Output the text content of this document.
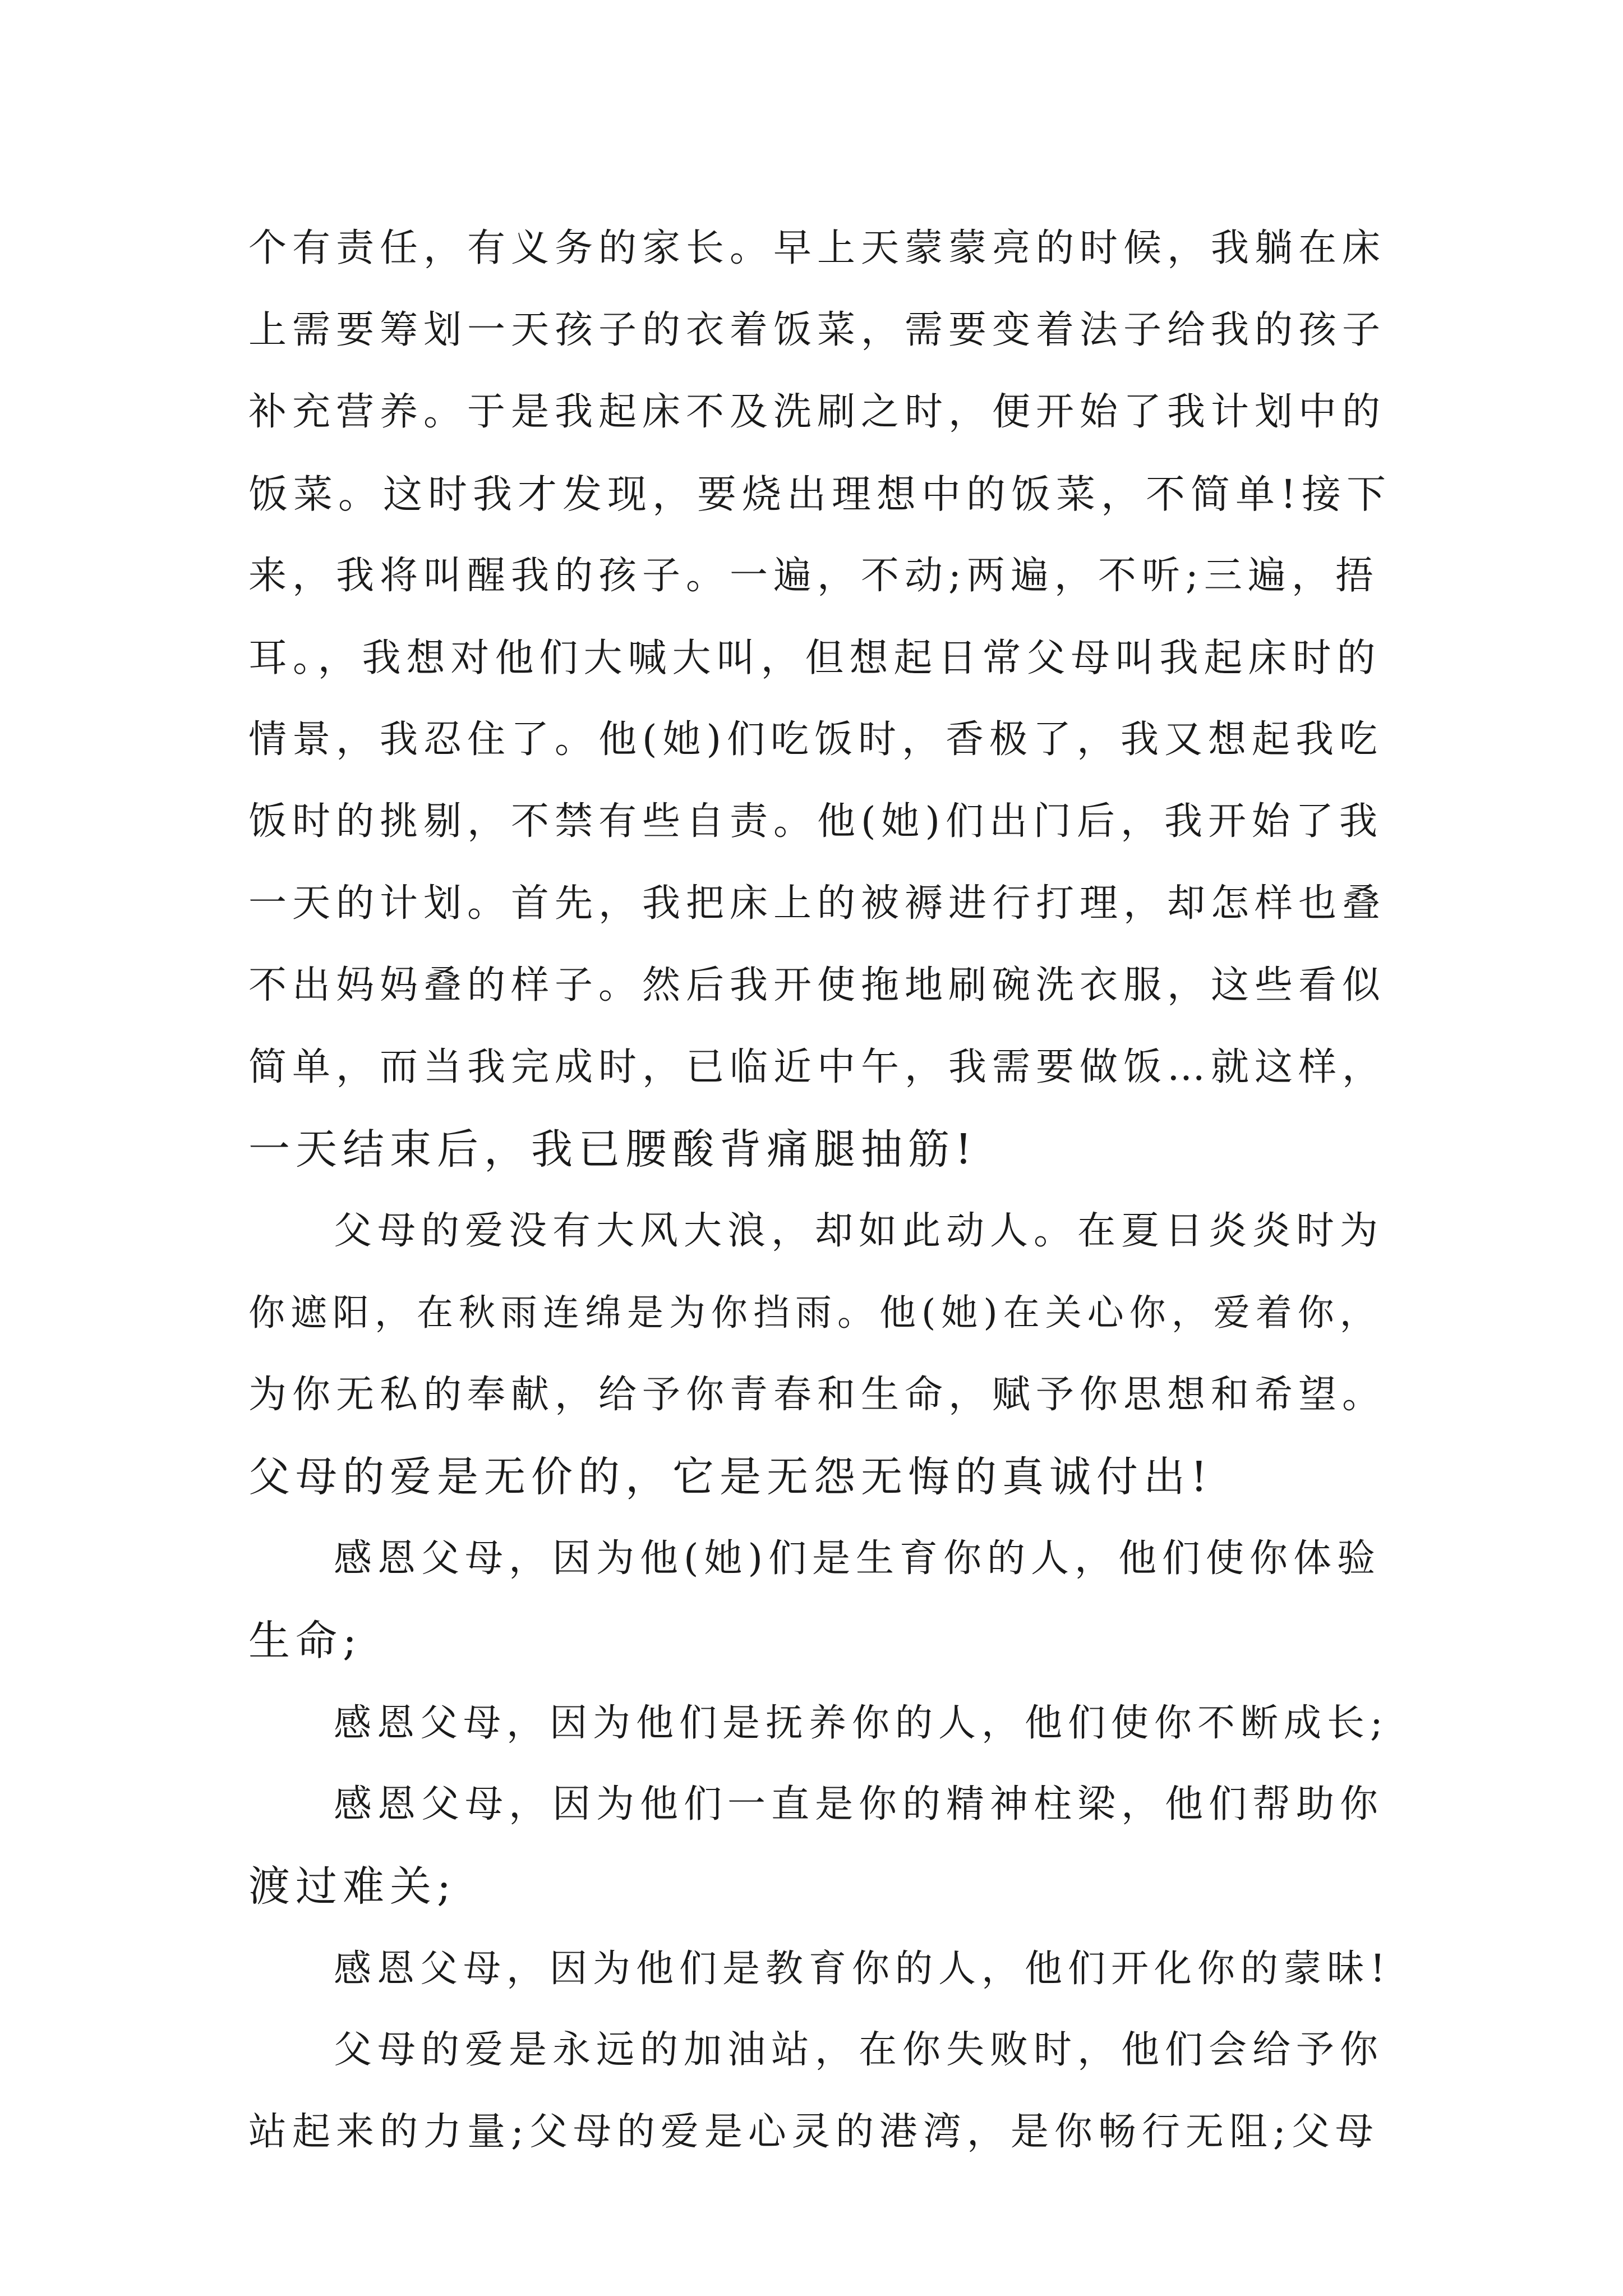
个有责任，有义务的家长。早上天蒙蒙亮的时候，我躺在床
上需要筹划一天孩子的衣着饭菜，需要变着法子给我的孩子
补充营养。于是我起床不及洗刷之时，便开始了我计划中的
饭菜。这时我才发现，要烧出理想中的饭菜，不简单!接下
来，我将叫醒我的孩子。一遍，不动;两遍，不听;三遍，捂
耳。，我想对他们大喊大叫，但想起日常父母叫我起床时的
情景，我忍住了。他(她)们吃饭时，香极了，我又想起我吃
饭时的挑剔，不禁有些自责。他(她)们出门后，我开始了我
一天的计划。首先，我把床上的被褥进行打理，却怎样也叠
不出妈妈叠的样子。然后我开使拖地刷碗洗衣服，这些看似
简单，而当我完成时，已临近中午，我需要做饭…就这样，
一天结束后，我已腰酸背痛腿抽筋!
父母的爱没有大风大浪，却如此动人。在夏日炎炎时为
你遮阳，在秋雨连绵是为你挡雨。他(她)在关心你，爱着你，
为你无私的奉献，给予你青春和生命，赋予你思想和希望。
父母的爱是无价的，它是无怨无悔的真诚付出!
感恩父母，因为他(她)们是生育你的人，他们使你体验
生命;
感恩父母，因为他们是抚养你的人，他们使你不断成长;
感恩父母，因为他们一直是你的精神柱梁，他们帮助你
渡过难关;
感恩父母，因为他们是教育你的人，他们开化你的蒙昧!
父母的爱是永远的加油站，在你失败时，他们会给予你
站起来的力量;父母的爱是心灵的港湾，是你畅行无阻;父母
